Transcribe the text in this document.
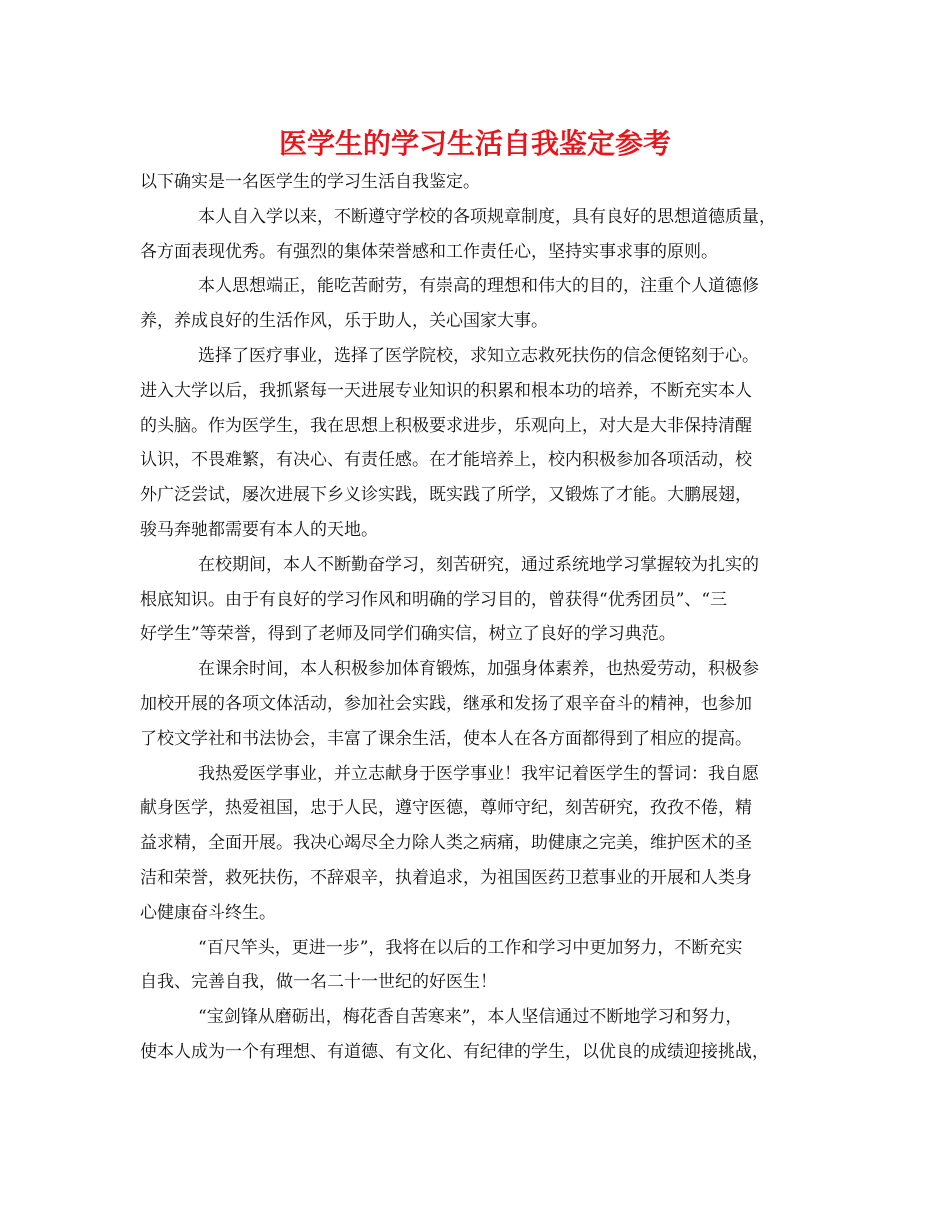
医学生的学习生活自我鉴定参考
以下确实是一名医学生的学习生活自我鉴定。
本人自入学以来，不断遵守学校的各项规章制度，具有良好的思想道德质量，
各方面表现优秀。有强烈的集体荣誉感和工作责任心，坚持实事求事的原则。
本人思想端正，能吃苦耐劳，有崇高的理想和伟大的目的，注重个人道德修
养，养成良好的生活作风，乐于助人，关心国家大事。
选择了医疗事业，选择了医学院校，求知立志救死扶伤的信念便铭刻于心。
进入大学以后，我抓紧每一天进展专业知识的积累和根本功的培养，不断充实本人
的头脑。作为医学生，我在思想上积极要求进步，乐观向上，对大是大非保持清醒
认识，不畏难繁，有决心、有责任感。在才能培养上，校内积极参加各项活动，校
外广泛尝试，屡次进展下乡义诊实践，既实践了所学，又锻炼了才能。大鹏展翅，
骏马奔驰都需要有本人的天地。
在校期间，本人不断勤奋学习，刻苦研究，通过系统地学习掌握较为扎实的
根底知识。由于有良好的学习作风和明确的学习目的，曾获得“优秀团员”、“三
好学生”等荣誉，得到了老师及同学们确实信，树立了良好的学习典范。
在课余时间，本人积极参加体育锻炼，加强身体素养，也热爱劳动，积极参
加校开展的各项文体活动，参加社会实践，继承和发扬了艰辛奋斗的精神，也参加
了校文学社和书法协会，丰富了课余生活，使本人在各方面都得到了相应的提高。
我热爱医学事业，并立志献身于医学事业！我牢记着医学生的誓词：我自愿
献身医学，热爱祖国，忠于人民，遵守医德，尊师守纪，刻苦研究，孜孜不倦，精
益求精，全面开展。我决心竭尽全力除人类之病痛，助健康之完美，维护医术的圣
洁和荣誉，救死扶伤，不辞艰辛，执着追求，为祖国医药卫惹事业的开展和人类身
心健康奋斗终生。
“百尺竿头，更进一步”，我将在以后的工作和学习中更加努力，不断充实
自我、完善自我，做一名二十一世纪的好医生！
“宝剑锋从磨砺出，梅花香自苦寒来”，本人坚信通过不断地学习和努力，
使本人成为一个有理想、有道德、有文化、有纪律的学生，以优良的成绩迎接挑战，
